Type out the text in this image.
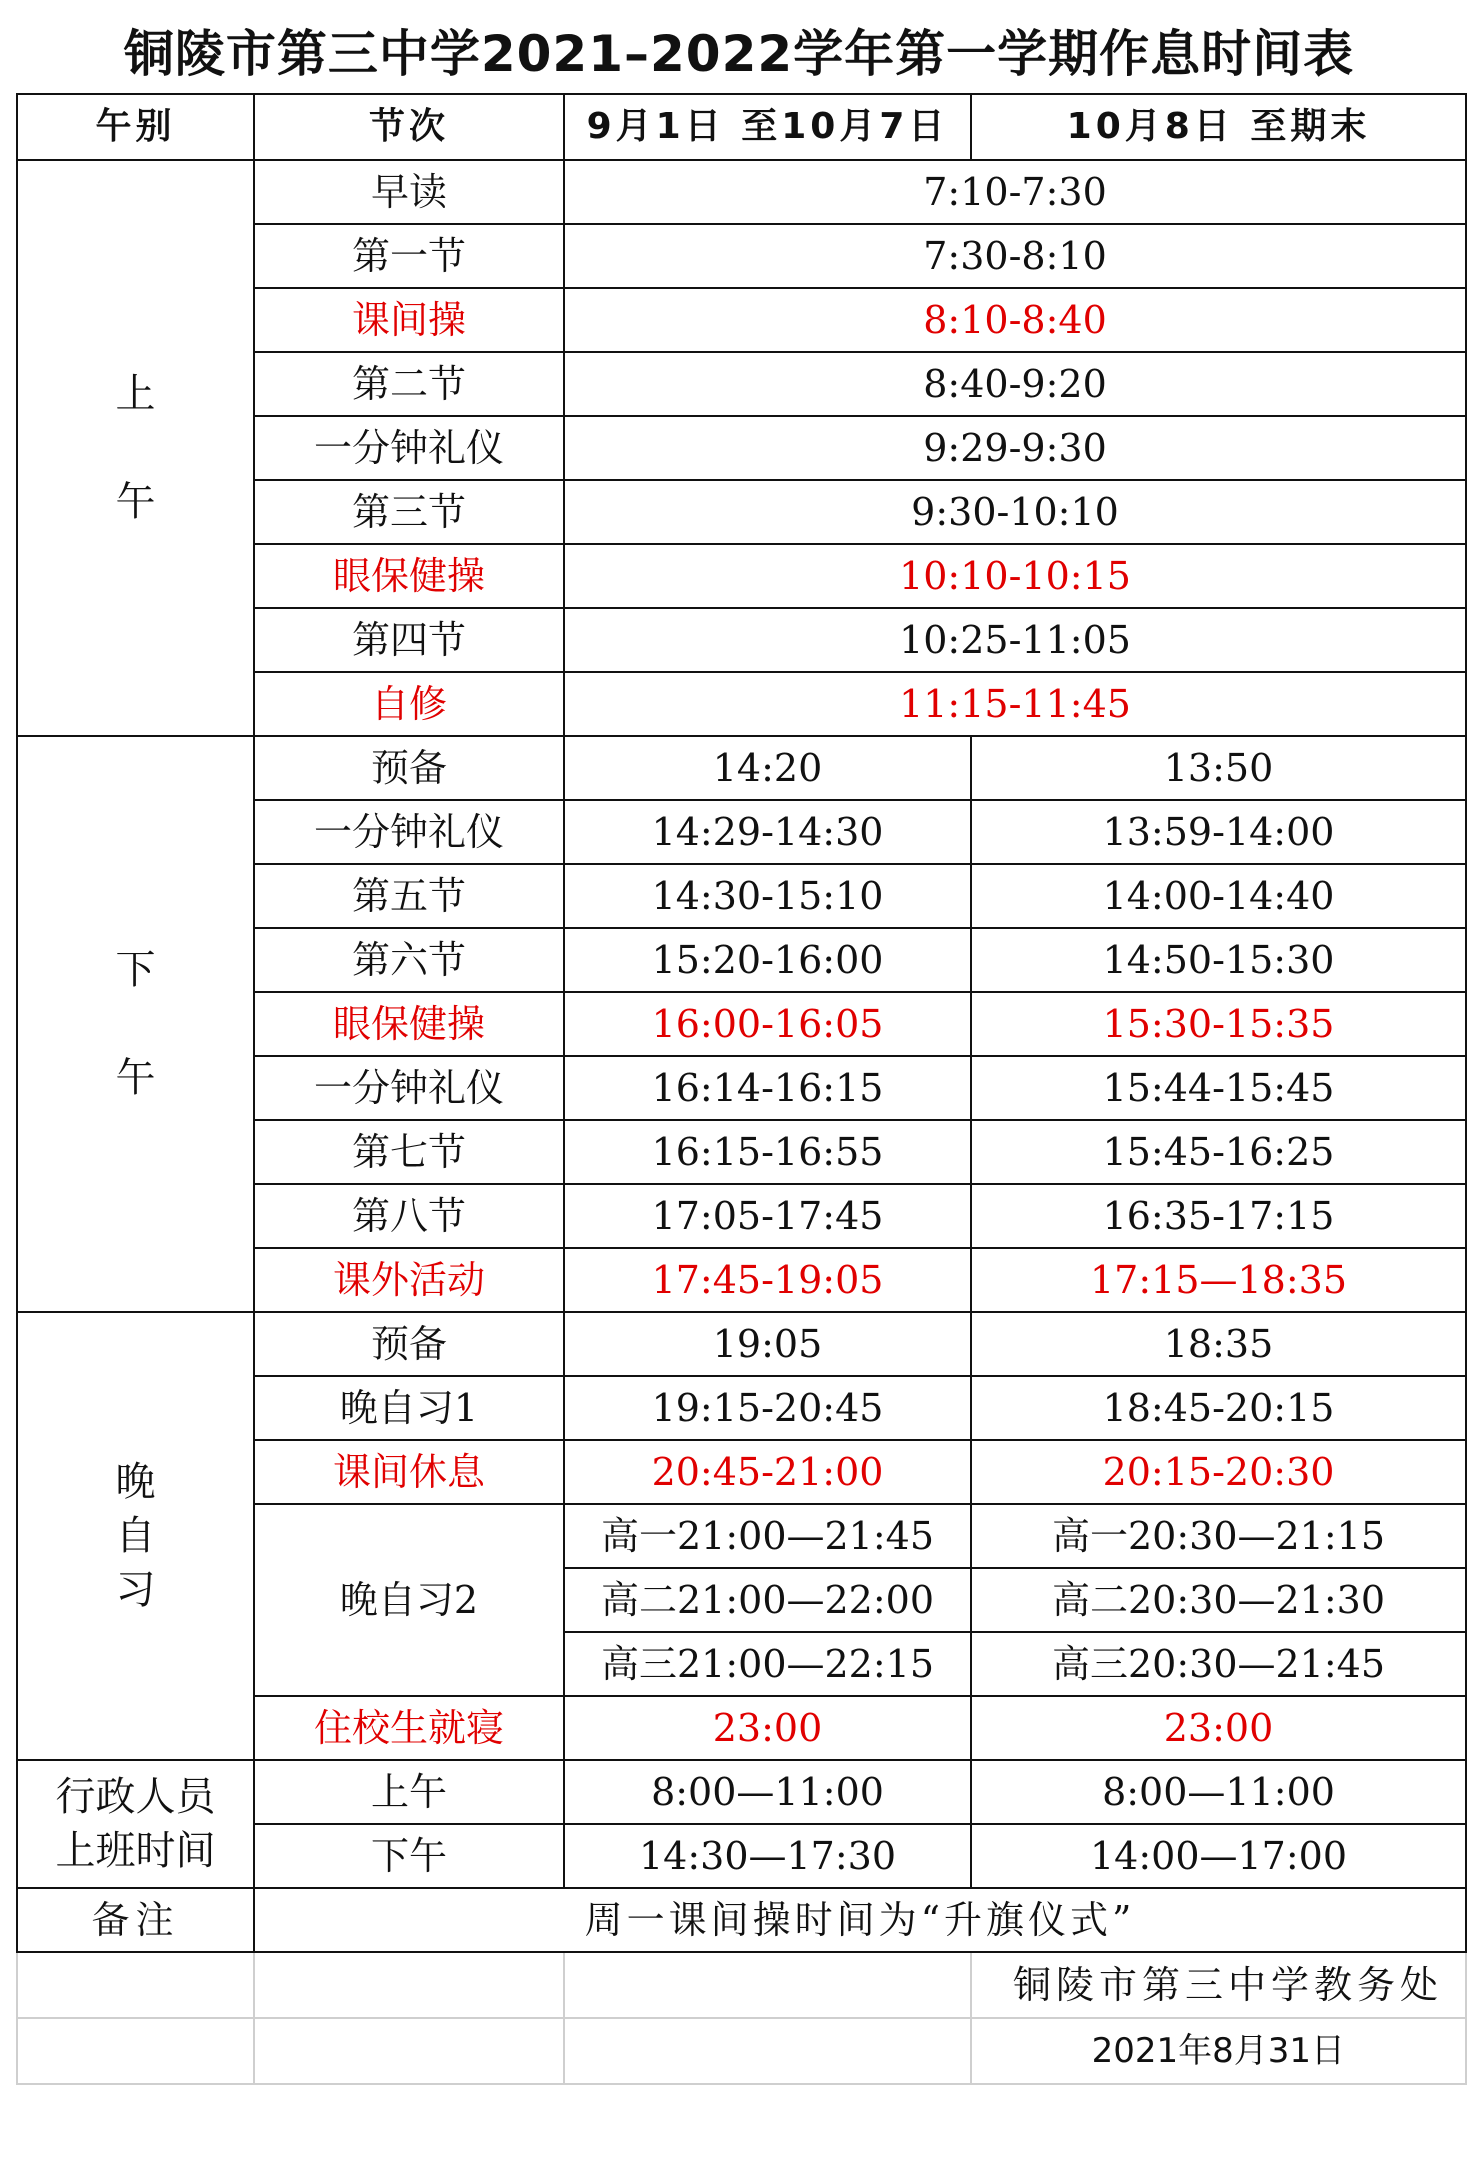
铜陵市第三中学2021–2022学年第一学期作息时间表
午别	节次	9月1日 至10月7日	10月8日 至期末

上
午	早读	7:10-7:30	
	第一节	7:30-8:10	
	课间操	8:10-8:40	
	第二节	8:40-9:20	
	一分钟礼仪	9:29-9:30	
	第三节	9:30-10:10	
	眼保健操	10:10-10:15	
	第四节	10:25-11:05	
	自修	11:15-11:45	

下
午	预备	14:20	13:50
	一分钟礼仪	14:29-14:30	13:59-14:00
	第五节	14:30-15:10	14:00-14:40
	第六节	15:20-16:00	14:50-15:30
	眼保健操	16:00-16:05	15:30-15:35
	一分钟礼仪	16:14-16:15	15:44-15:45
	第七节	16:15-16:55	15:45-16:25
	第八节	17:05-17:45	16:35-17:15
	课外活动	17:45-19:05	17:15—18:35

晚
自
习	预备	19:05	18:35
	晚自习1	19:15-20:45	18:45-20:15
	课间休息	20:45-21:00	20:15-20:30
	晚自习2	高一21:00—21:45	高一20:30—21:15
		高二21:00—22:00	高二20:30—21:30
		高三21:00—22:15	高三20:30—21:45
	住校生就寝	23:00	23:00

行政人员
上班时间	上午	8:00—11:00	8:00—11:00
	下午	14:30—17:30	14:00—17:00
备注	周一课间操时间为“升旗仪式”		
			铜陵市第三中学教务处
			2021年8月31日
